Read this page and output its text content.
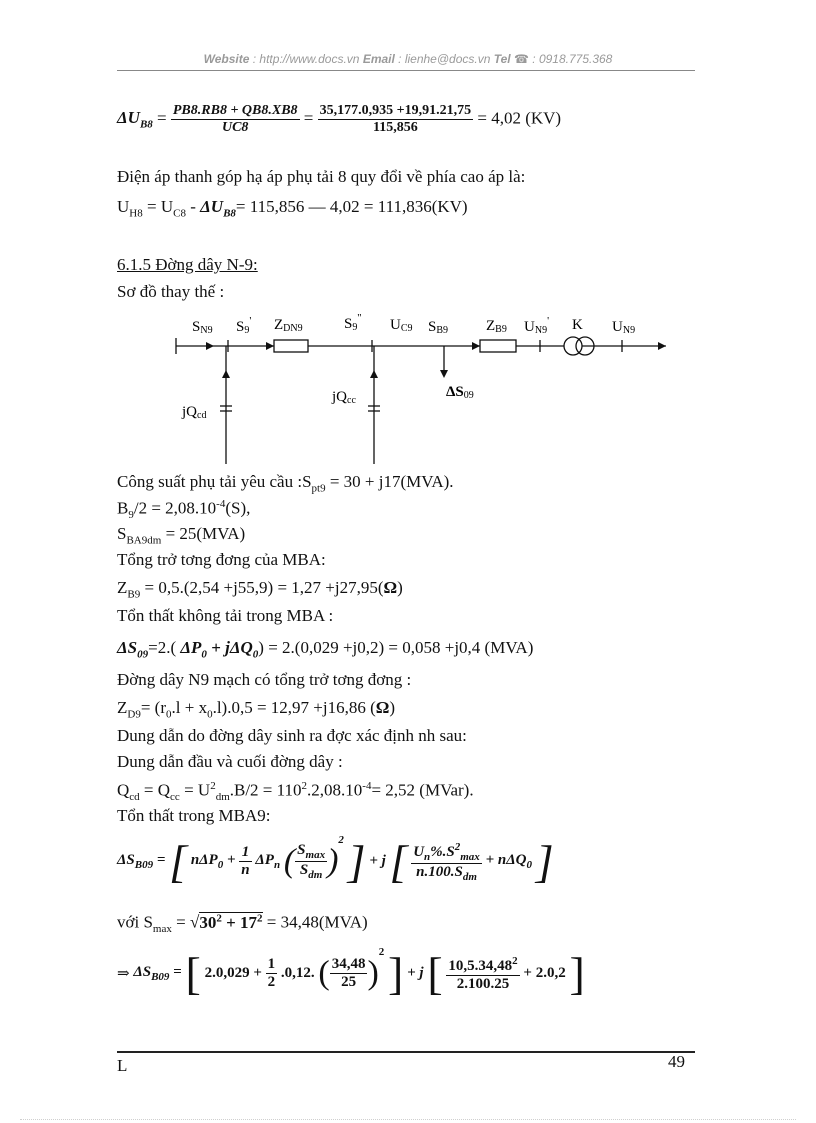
Website : http://www.docs.vn Email : lienhe@docs.vn Tel ☎ : 0918.775.368
$\Delta U_{B8} = \frac{PB8.RB8 + QB8.XB8}{UC8} = \frac{35,177.0,935 +19,91.21,75}{115,856} = 4,02$ (KV)
Điện áp thanh góp hạ áp phụ tải 8 quy đổi về phía cao áp là:
$U_{H8} = U_{C8} - \Delta U_{B8}= 115,856$ — 4,02 = 111,836(KV)
6.1.5 Đờng dây N-9:
Sơ đồ thay thế :
SN9 S9' ZDN9	S9'' UC9 SB9	ZB9 UN9' K UN9
jQcd
jQcc
ΔS09
Công suất phụ tải yêu cầu $:S_{pt9} = 30 + j17(MVA)$.
$B_9/2 = 2,08.10^{-4}(S)$,
$S_{BA9dm} = 25(MVA)$
Tổng trở tơng đơng của MBA:
$Z_{B9} = 0,5.(2,54 +j55,9) = 1,27 +j27,95(\Omega)$
Tổn thất không tải trong MBA :
$\Delta S_{09}=2$.( $\Delta P_0 + j\Delta Q_0) = 2.(0,029 +j0,2) = 0,058 +j0,4$ (MVA)
Đờng dây N9 mạch có tổng trở tơng đơng :
$Z_{D9}= (r_0.l + x_0.l).0,5 = 12,97 +j16,86$ (Ω)
Dung dẫn do đờng dây sinh ra đợc xác định nh sau:
Dung dẫn đầu và cuối đờng dây :
$Q_{cd} = Q_{cc} = U^2_{dm}.B/2 = 110^2.2,08.10^{-4}= 2,52$ (MVar).
Tổn thất trong MBA9:
$\Delta S_{B09}$ = [ $n\Delta P_0 + \frac{1}{n} \Delta P_n$ ( $\frac{S_{max}}{S_{dm}} )^2$ ] + j [ $\frac{U_n\%.S^2_{max}}{n.100.S_{dm}} + n\Delta Q_0$ ]
với $S_{max} = √30^2 + 17^2 = 34,48(MVA)$
⇒ $\Delta S_{B09}$ = [ $2.0,029 + \frac{1}{2} .0,12$. ( $\frac{34,48}{25} )^2$ ] + j [ $\frac{10,5.34,48^2}{2.100.25} + 2.0,2$ ]
L	49
